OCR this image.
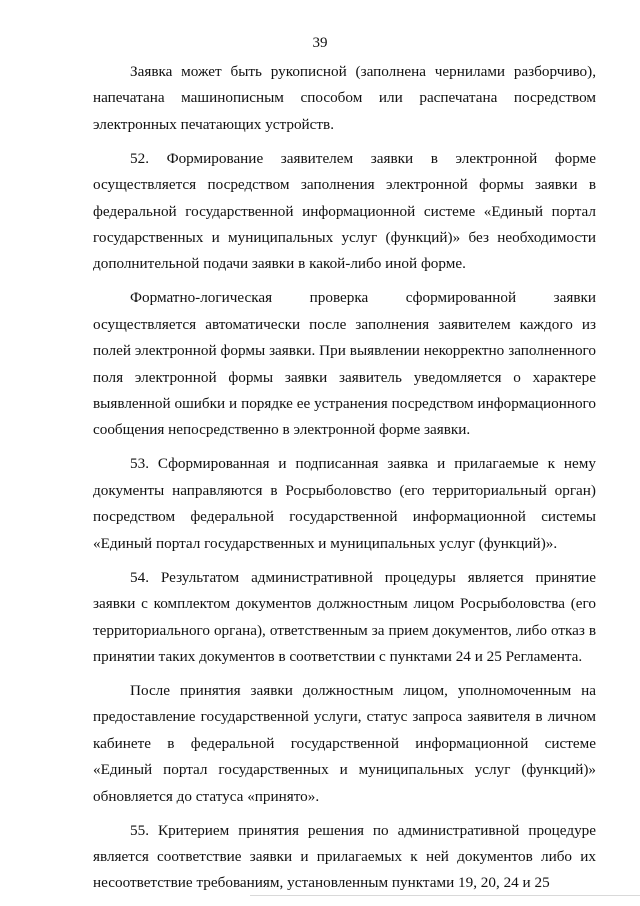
39

Заявка может быть рукописной (заполнена чернилами разборчиво), напечатана машинописным способом или распечатана посредством электронных печатающих устройств.

52. Формирование заявителем заявки в электронной форме осуществляется посредством заполнения электронной формы заявки в федеральной государственной информационной системе «Единый портал государственных и муниципальных услуг (функций)» без необходимости дополнительной подачи заявки в какой-либо иной форме.

Форматно-логическая проверка сформированной заявки осуществляется автоматически после заполнения заявителем каждого из полей электронной формы заявки. При выявлении некорректно заполненного поля электронной формы заявки заявитель уведомляется о характере выявленной ошибки и порядке ее устранения посредством информационного сообщения непосредственно в электронной форме заявки.

53. Сформированная и подписанная заявка и прилагаемые к нему документы направляются в Росрыболовство (его территориальный орган) посредством федеральной государственной информационной системы «Единый портал государственных и муниципальных услуг (функций)».

54. Результатом административной процедуры является принятие заявки с комплектом документов должностным лицом Росрыболовства (его территориального органа), ответственным за прием документов, либо отказ в принятии таких документов в соответствии с пунктами 24 и 25 Регламента.

После принятия заявки должностным лицом, уполномоченным на предоставление государственной услуги, статус запроса заявителя в личном кабинете в федеральной государственной информационной системе «Единый портал государственных и муниципальных услуг (функций)» обновляется до статуса «принято».

55. Критерием принятия решения по административной процедуре является соответствие заявки и прилагаемых к ней документов либо их несоответствие требованиям, установленным пунктами 19, 20, 24 и 25
